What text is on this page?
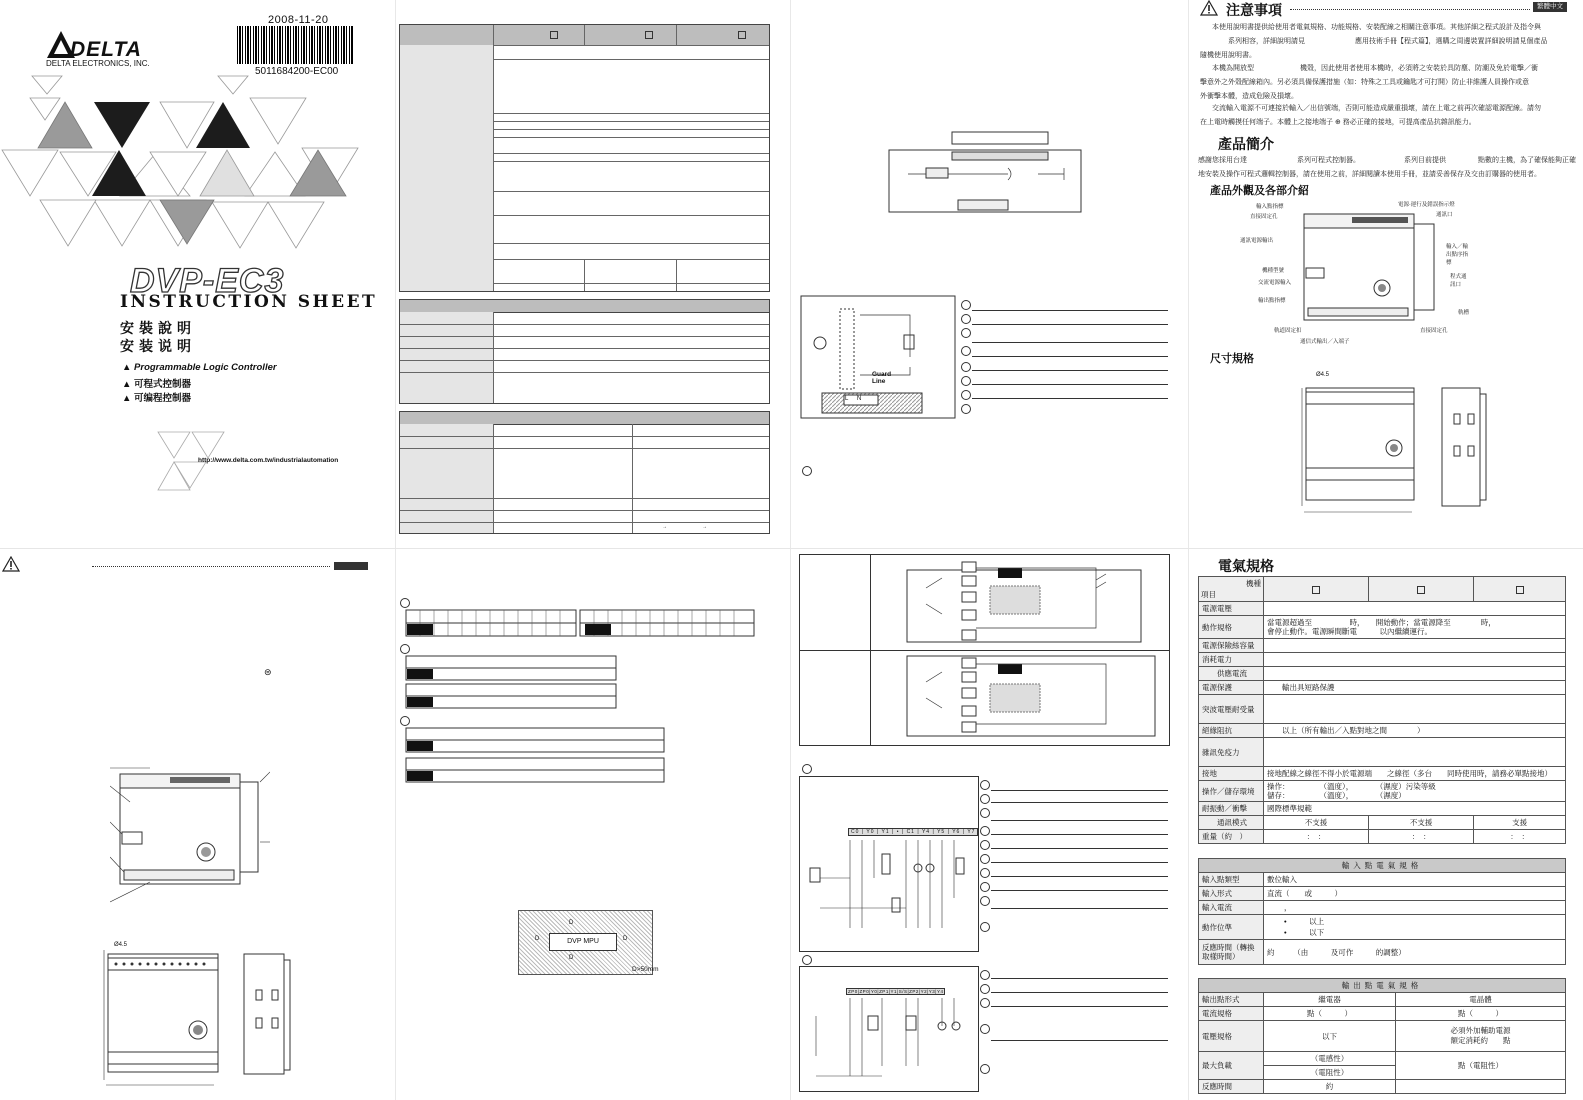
2008-11-20
5011684200-EC00
DELTA
DELTA ELECTRONICS, INC.
DVP-EC3
INSTRUCTION SHEET
安裝說明
安装说明
▲ Programmable Logic Controller
▲ 可程式控制器
▲ 可编程控制器
http://www.delta.com.tw/industrialautomation
⊜
Ø4.5
→　　　　　　　→
DVP MPU
D
D
D	D
D>50mm
Guard
Line
L N
C0 | Y0 | Y1 | • | C1 | Y4 | Y5 | Y6 | Y7
ZP0|ZP0|Y0|ZP1|Y1|S/S|ZP2|Y2|Y3|Y4
注意事項	繁體中文
本使用說明書提供給使用者電氣規格、功能規格、安裝配線之相關注意事項。其他詳細之程式設計及指令與
系列相容，詳細說明請見	應用技術手冊【程式篇】，選購之周邊裝置詳細說明請見個產品
隨機使用說明書。
本機為開放型	機殼，因此使用者使用本機時，必須將之安裝於具防塵、防潮及免於電擊／衝
擊意外之外殼配線箱內。另必須具備保護措施（如：特殊之工具或鑰匙才可打開）防止非維護人員操作或意
外衝擊本體，造成危險及損壞。
交流輸入電源不可連接於輸入／出信號端，否則可能造成嚴重損壞，請在上電之前再次確認電源配線。請勿
在上電時觸摸任何端子。本體上之接地端子 ⊕ 務必正確的接地，可提高產品抗雜訊能力。
產品簡介
感謝您採用台達	系列可程式控制器。	系列目前提供	點數的主機，為了確保能夠正確
地安裝及操作可程式邏輯控制器，請在使用之前，詳細閱讀本使用手冊，並請妥善保存及交由訂購器的使用者。
產品外觀及各部介紹
輸入點指標
直接固定孔
通訊電源輸出
機種型號
交流電源輸入
輸出點指標
軌道固定扣
通信式輸出／入端子
電源‧運行及錯誤指示燈
通訊口
輸入／輸出點序指標
程式通訊口
軌槽
直接固定孔
尺寸規格
Ø4.5
電氣規格
機種
項目			

電源電壓			
動作規格	當電源超過至　　　　　時，　　開始動作；當電源降至　　　　時，
會停止動作。電源瞬間斷電　　　以內繼續運行。		
電源保險絲容量			
消耗電力			
　　供應電流			
電源保護	　　輸出具短路保護		
突波電壓耐受量			
絕緣阻抗	　　以上（所有輸出／入點對地之間　　　　）		
雜訊免疫力			
接地	接地配線之線徑不得小於電源端　　之線徑（多台　　同時使用時，請務必單點接地）		
操作／儲存環境	操作：　　　　　（溫度），　　　　（濕度）污染等級
儲存：　　　　　（溫度），　　　　（濕度）		
耐振動／衝擊	國際標準規範		
　　通訊模式	不支援	不支援	支援
重量（約　）	：　：	：　：	：　：
輸入點電氣規格	
輸入點類型	數位輸入
輸入形式	直流（　　或　　　）
輸入電流	，
動作位準	•　　　以上
•　　　以下
反應時間（轉換取樣時間）	約　　　（由　　　及可作　　　的調整）
輸出點電氣規格		
輸出點形式	繼電器	電晶體
電流規格	點（　　　）	點（　　　）
電壓規格	以下	必須外加輔助電源
額定消耗約　　點
最大負載	（電感性）	點（電阻性）
	（電阻性）	
反應時間	約	
